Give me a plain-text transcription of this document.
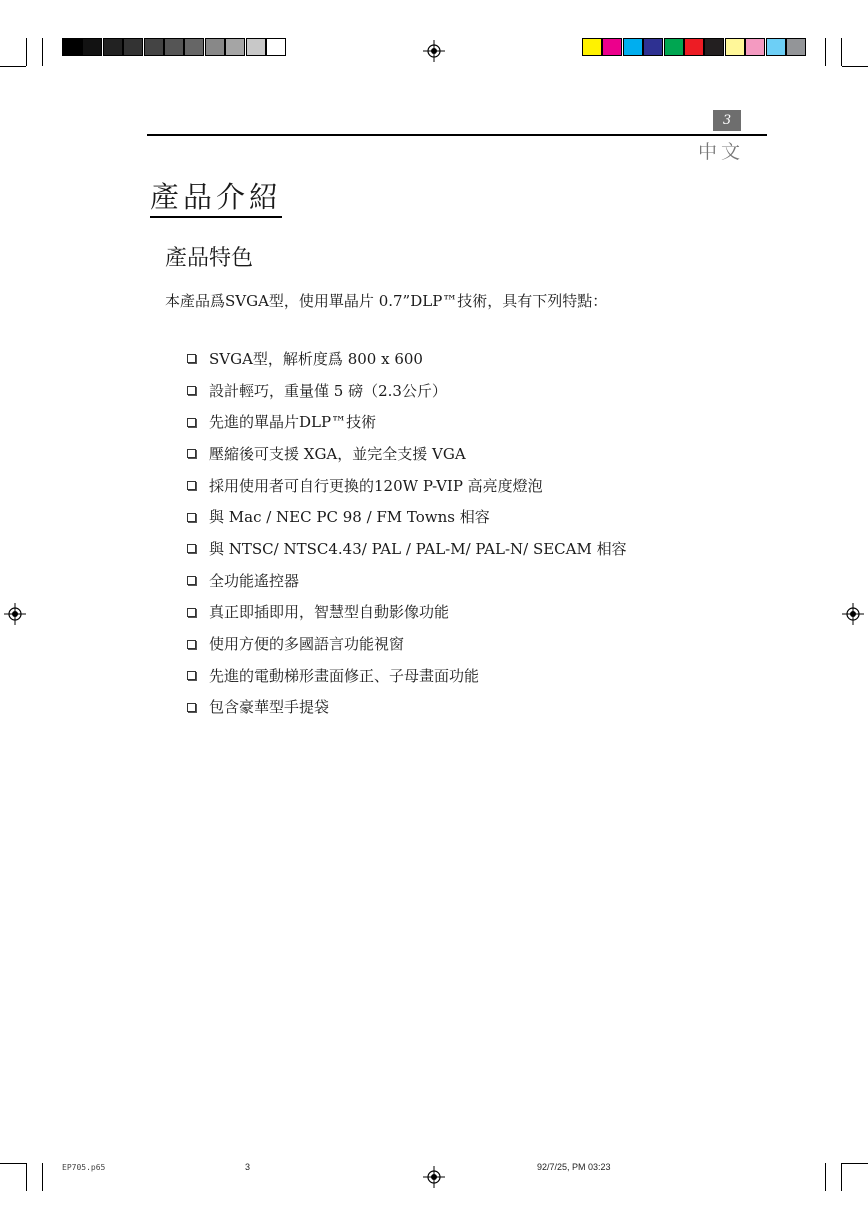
3
中文
產品介紹
產品特色
本產品爲SVGA型，使用單晶片 0.7”DLP™技術，具有下列特點：
SVGA型，解析度爲 800 x 600
設計輕巧，重量僅 5 磅（2.3公斤）
先進的單晶片DLP™技術
壓縮後可支援 XGA，並完全支援 VGA
採用使用者可自行更換的120W P-VIP 高亮度燈泡
與 Mac / NEC PC 98 / FM Towns 相容
與 NTSC/ NTSC4.43/ PAL / PAL-M/ PAL-N/ SECAM 相容
全功能遙控器
真正即插即用，智慧型自動影像功能
使用方便的多國語言功能視窗
先進的電動梯形畫面修正、子母畫面功能
包含豪華型手提袋
EP705.p65	3	92/7/25, PM 03:23
